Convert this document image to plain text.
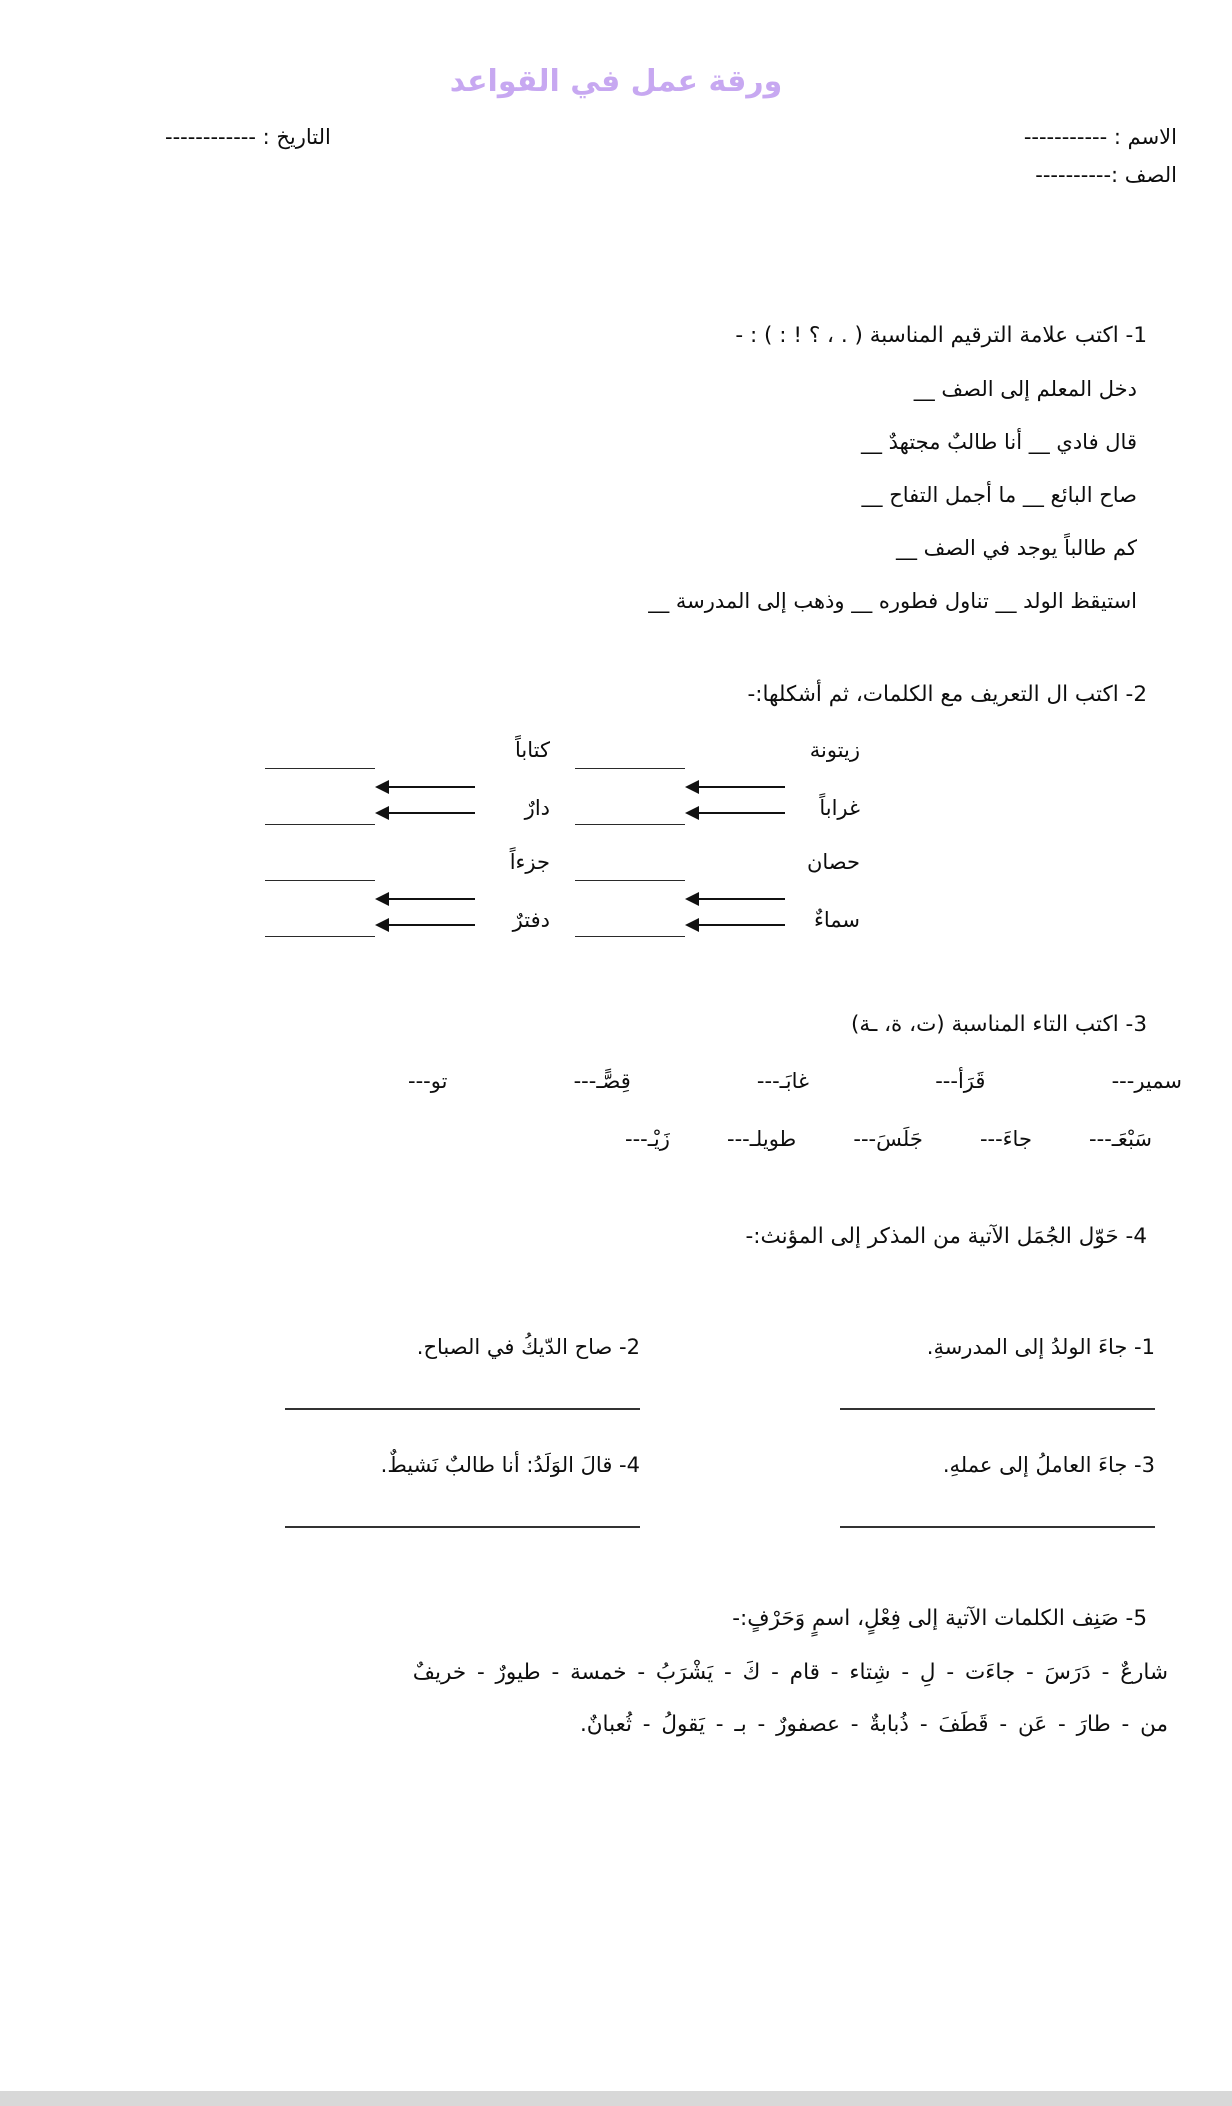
ورقة عمل في القواعد
الاسم : -----------
التاريخ : ------------
الصف :----------
1- اكتب علامة الترقيم المناسبة ( . ، ؟ ! : ) : -
دخل المعلم إلى الصف __
قال فادي __ أنا طالبٌ مجتهدٌ __
صاح البائع __ ما أجمل التفاح __
كم طالباً يوجد في الصف __
استيقظ الولد __ تناول فطوره __ وذهب إلى المدرسة __
2- اكتب ال التعريف مع الكلمات، ثم أشكلها:-
زيتونة
غراباً
حصان
سماءٌ
كتاباً
دارٌ
جزءاً
دفترٌ
3- اكتب التاء المناسبة (ت، ة، ـة)
سمير---
قَرَأ---
غابَـ---
قِصًّـ---
تو---
سَبْعَـ---
جاءَ---
جَلَسَ---
طويلـ---
زَيْـ---
4- حَوّل الجُمَل الآتية من المذكر إلى المؤنث:-
1- جاءَ الولدُ إلى المدرسةِ.
2- صاح الدّيكُ في الصباح.
3- جاءَ العاملُ إلى عملهِ.
4- قالَ الوَلَدُ: أنا طالبٌ نَشيطٌ.
5- صَنِف الكلمات الآتية إلى فِعْلٍ، اسمٍ وَحَرْفٍ:-
شارعٌ - دَرَسَ - جاءَت - لِ - شِتاء - قام - كَ - يَشْرَبُ - خمسة - طيورٌ - خريفٌ
من - طارَ - عَن - قَطَفَ - ذُبابةٌ - عصفورٌ - بـ - يَقولُ - ثُعبانٌ.
